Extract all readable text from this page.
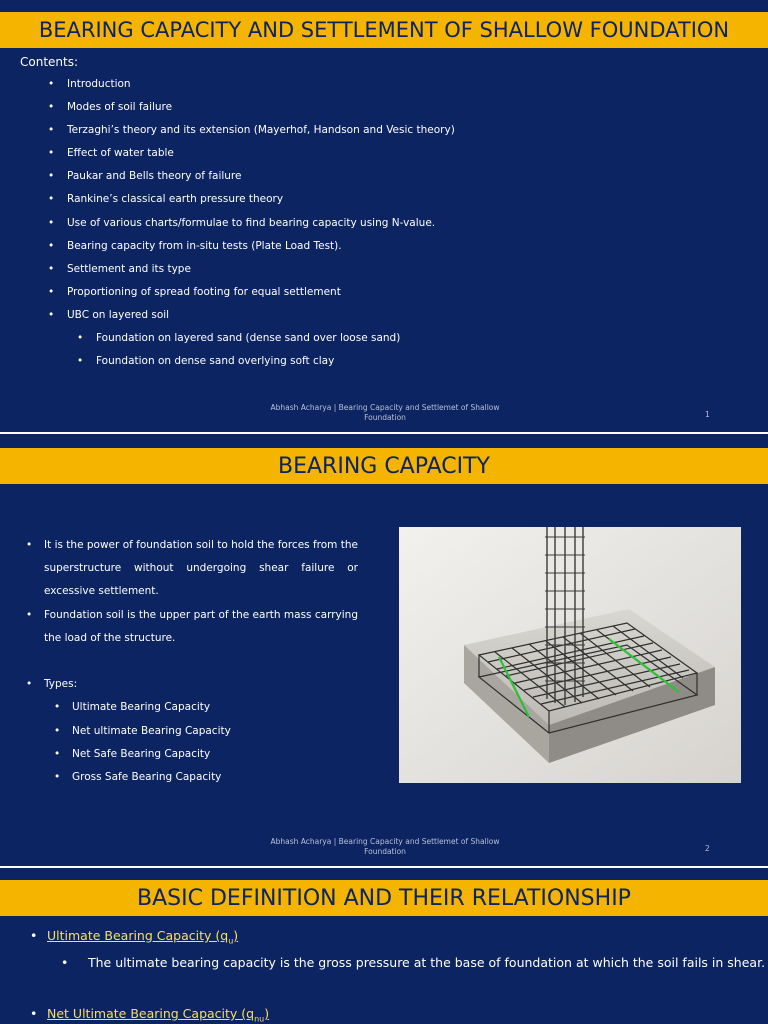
BEARING CAPACITY AND SETTLEMENT OF SHALLOW FOUNDATION
Contents:
• Introduction
• Modes of soil failure
• Terzaghi’s theory and its extension (Mayerhof, Handson and Vesic theory)
• Effect of water table
• Paukar and Bells theory of failure
• Rankine’s classical earth pressure theory
• Use of various charts/formulae to find bearing capacity using N-value.
• Bearing capacity from in-situ tests (Plate Load Test).
• Settlement and its type
• Proportioning of spread footing for equal settlement
• UBC on layered soil
• Foundation on layered sand (dense sand over loose sand)
• Foundation on dense sand overlying soft clay
Abhash Acharya | Bearing Capacity and Settlemet of Shallow Foundation	1
BEARING CAPACITY
• It is the power of foundation soil to hold the forces from the superstructure without undergoing shear failure or excessive settlement.
• Foundation soil is the upper part of the earth mass carrying the load of the structure.
• Types:
• Ultimate Bearing Capacity
• Net ultimate Bearing Capacity
• Net Safe Bearing Capacity
• Gross Safe Bearing Capacity
Abhash Acharya | Bearing Capacity and Settlemet of Shallow Foundation	2
BASIC DEFINITION AND THEIR RELATIONSHIP
• Ultimate Bearing Capacity $(q_u)$
• The ultimate bearing capacity is the gross pressure at the base of foundation at which the soil fails in shear.
• Net Ultimate Bearing Capacity $(q_{nu})$
